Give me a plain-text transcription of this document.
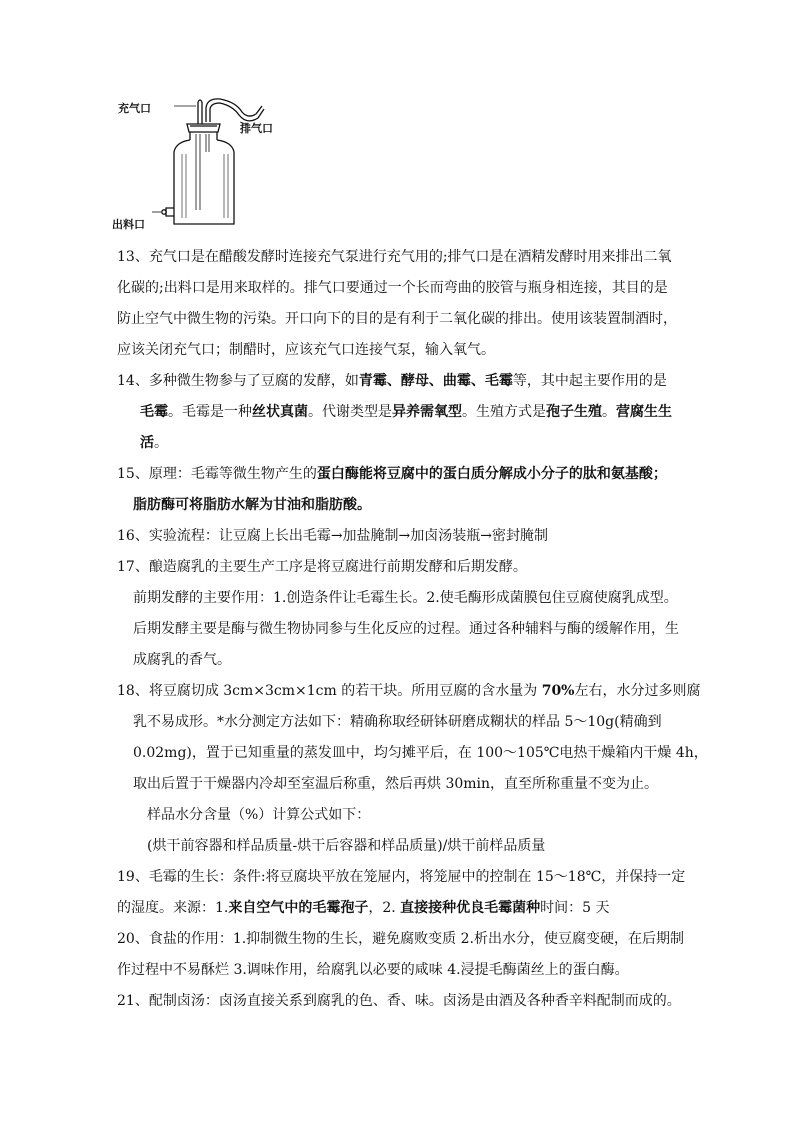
充气口
排气口
出料口
13、充气口是在醋酸发酵时连接充气泵进行充气用的;排气口是在酒精发酵时用来排出二氧
化碳的;出料口是用来取样的。排气口要通过一个长而弯曲的胶管与瓶身相连接，其目的是
防止空气中微生物的污染。开口向下的目的是有利于二氧化碳的排出。使用该装置制酒时，
应该关闭充气口；制醋时，应该充气口连接气泵，输入氧气。
14、多种微生物参与了豆腐的发酵，如青霉、酵母、曲霉、毛霉等，其中起主要作用的是
毛霉。毛霉是一种丝状真菌。代谢类型是异养需氧型。生殖方式是孢子生殖。营腐生生
活。
15、原理：毛霉等微生物产生的蛋白酶能将豆腐中的蛋白质分解成小分子的肽和氨基酸；
脂肪酶可将脂肪水解为甘油和脂肪酸。
16、实验流程：让豆腐上长出毛霉→加盐腌制→加卤汤装瓶→密封腌制
17、酿造腐乳的主要生产工序是将豆腐进行前期发酵和后期发酵。
前期发酵的主要作用：1.创造条件让毛霉生长。2.使毛酶形成菌膜包住豆腐使腐乳成型。
后期发酵主要是酶与微生物协同参与生化反应的过程。通过各种辅料与酶的缓解作用，生
成腐乳的香气。
18、将豆腐切成 3cm×3cm×1cm 的若干块。所用豆腐的含水量为 70%左右，水分过多则腐
乳不易成形。*水分测定方法如下：精确称取经研钵研磨成糊状的样品 5～10g(精确到
0.02mg)，置于已知重量的蒸发皿中，均匀摊平后，在 100～105℃电热干燥箱内干燥 4h，
取出后置于干燥器内冷却至室温后称重，然后再烘 30min，直至所称重量不变为止。
样品水分含量（%）计算公式如下：
(烘干前容器和样品质量-烘干后容器和样品质量)/烘干前样品质量
19、毛霉的生长：条件:将豆腐块平放在笼屉内，将笼屉中的控制在 15～18℃，并保持一定
的湿度。来源：1.来自空气中的毛霉孢子，2. 直接接种优良毛霉菌种时间：5 天
20、食盐的作用：1.抑制微生物的生长，避免腐败变质 2.析出水分，使豆腐变硬，在后期制
作过程中不易酥烂 3.调味作用，给腐乳以必要的咸味 4.浸提毛酶菌丝上的蛋白酶。
21、配制卤汤：卤汤直接关系到腐乳的色、香、味。卤汤是由酒及各种香辛料配制而成的。
